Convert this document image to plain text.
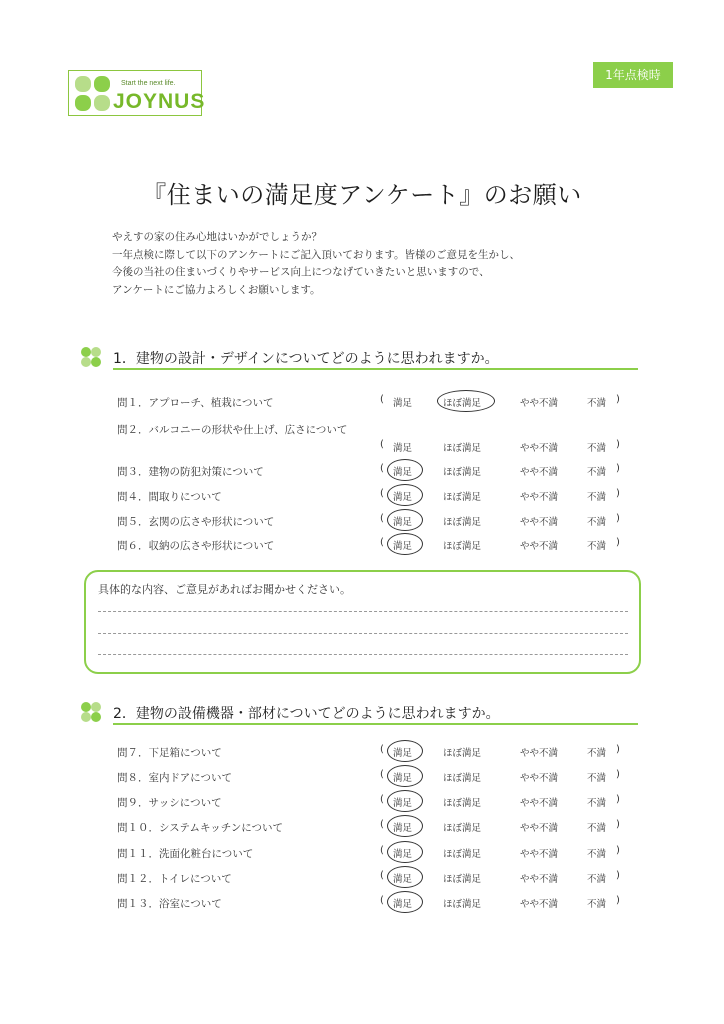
Start the next life.
JOYNUS
1年点検時
『住まいの満足度アンケート』のお願い
やえすの家の住み心地はいかがでしょうか？
一年点検に際して以下のアンケートにご記入頂いております。皆様のご意見を生かし、
今後の当社の住まいづくりやサービス向上につなげていきたいと思いますので、
アンケートにご協力よろしくお願いします。
1．建物の設計・デザインについてどのように思われますか。
具体的な内容、ご意見があればお聞かせください。
2．建物の設備機器・部材についてどのように思われますか。
問１．アプローチ、植栽について	( 満足	ほぼ満足	やや不満	不満 )
問２．バルコニーの形状や仕上げ、広さについて
( 満足	ほぼ満足	やや不満	不満 )
問３．建物の防犯対策について	( 満足	ほぼ満足	やや不満	不満 )
問４．間取りについて	( 満足	ほぼ満足	やや不満	不満 )
問５．玄関の広さや形状について	( 満足	ほぼ満足	やや不満	不満 )
問６．収納の広さや形状について	( 満足	ほぼ満足	やや不満	不満 )
問７．下足箱について	( 満足	ほぼ満足	やや不満	不満 )
問８．室内ドアについて	( 満足	ほぼ満足	やや不満	不満 )
問９．サッシについて	( 満足	ほぼ満足	やや不満	不満 )
問１０．システムキッチンについて	( 満足	ほぼ満足	やや不満	不満 )
問１１．洗面化粧台について	( 満足	ほぼ満足	やや不満	不満 )
問１２．トイレについて	( 満足	ほぼ満足	やや不満	不満 )
問１３．浴室について	( 満足	ほぼ満足	やや不満	不満 )
